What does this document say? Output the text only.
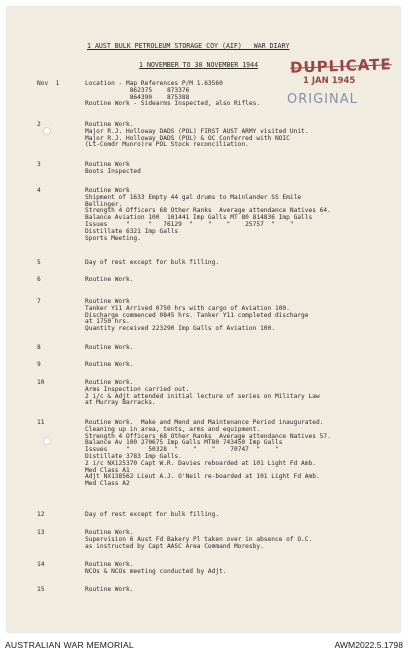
1 AUST BULK PETROLEUM STORAGE COY (AIF)   WAR DIARY
1 NOVEMBER TO 30 NOVEMBER 1944 DUPLICATE
1 JAN 1945
ORIGINAL
Nov  1	Location - Map References P/M 1.63560
862375    873376
864390    875388
Routine Work - Sidearms Inspected, also Rifles.
2	Routine Work.
Major R.J. Holloway DADS (POL) FIRST AUST ARMY visited Unit.
Major R.J. Holloway DADS (POL) & OC Conferred with NOIC
(Lt-Comdr Munro)re POL Stock reconciliation.
3	Routine Work
Boots Inspected
4	Routine Work
Shipment of 1633 Empty 44 gal drums to Mainlander SS Emile
Bellinger.
Strength 4 Officers 68 Other Ranks  Average attendance Natives 64.
Balance Aviation 100  101441 Imp Galls MT 80 814836 Imp Galls
Issues     "     "   76129  "    "    "    25757  "    "
Distillate 6321 Imp Galls
Sports Meeting.
5	Day of rest except for bulk filling.
6	Routine Work.
7	Routine Work
Tanker Y11 Arrived 0750 hrs with cargo of Aviation 100.
Discharge commenced 0845 hrs. Tanker Y11 completed discharge
at 1750 hrs.
Quantity received 223290 Imp Galls of Aviation 100.
8	Routine Work.
9	Routine Work.
10	Routine Work.
Arms Inspection carried out.
2 i/c & Adjt attended initial lecture of series on Military Law
at Murray Barracks.
11	Routine Work.  Make and Mend and Maintenance Period inaugurated.
Cleaning up in area, tents, arms and equipment.
Strength 4 Officers 68 Other Ranks  Average attendance Natives 57.
Balance Av 100 270675 Imp Galls MT80 743450 Imp Galls
Issues     "     50328  "    "    "    70747  "    "
Distillate 3783 Imp Galls.
2 i/c NX125370 Capt W.R. Davies reboarded at 101 Light Fd Amb.
Med Class A1
Adjt NX138562 Lieut A.J. O'Neil re-boarded at 101 Light Fd Amb.
Med Class A2
12	Day of rest except for bulk filling.
13	Routine Work.
Supervision 6 Aust Fd Bakery Pl taken over in absence of O.C.
as instructed by Capt AASC Area Command Moresby.
14	Routine Work.
NCOs & NCOs meeting conducted by Adjt.
15	Routine Work.
AUSTRALIAN WAR MEMORIAL	AWM2022.5.1798
